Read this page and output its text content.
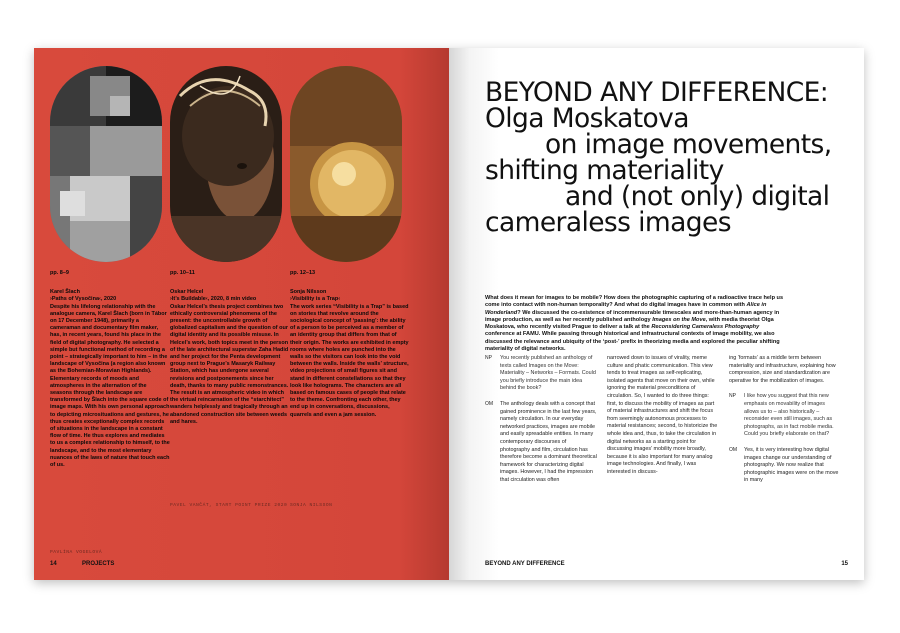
pp. 8–9
Karel Šlach
›Paths of Vysočina‹, 2020
Despite his lifelong relationship with the analogue camera, Karel Šlach (born in Tábor on 17 December 1948), primarily a cameraman and documentary film maker, has, in recent years, found his place in the field of digital photography. He selected a simple but functional method of recording a point – strategically important to him – in the landscape of Vysočina (a region also known as the Bohemian-Moravian Highlands). Elementary records of moods and atmospheres in the alternation of the seasons through the landscape are transformed by Šlach into the square code of image maps. With his own personal approach to depicting microsituations and gestures, he thus creates exceptionally complex records of situations in the landscape in a constant flow of time. He thus explores and mediates to us a complex relationship to himself, to the landscape, and to the most elementary nuances of the laws of nature that touch each of us.
PAVLÍNA VOGELOVÁ
pp. 10–11
Oskar Helcel
›It’s Buildable‹, 2020, 8 min video
Oskar Helcel’s thesis project combines two ethically controversial phenomena of the present: the uncontrollable growth of globalized capitalism and the question of our digital identity and its possible misuse. In Helcel’s work, both topics meet in the person of the late architectural superstar Zaha Hadid and her project for the Penta development group next to Prague’s Masaryk Railway Station, which has undergone several revisions and postponements since her death, thanks to many public remonstrances. The result is an atmospheric video in which the virtual reincarnation of the “starchitect” wanders helplessly and tragically through an abandoned construction site between weeds and hares.
PAVEL VANČÁT, START POINT PRIZE 2020
pp. 12–13
Sonja Nilsson
›Visibility is a Trap‹
The work series “Visibility is a Trap” is based on stories that revolve around the sociological concept of ‘passing’: the ability of a person to be perceived as a member of an identity group that differs from that of their origin. The works are exhibited in empty rooms where holes are punched into the walls so the visitors can look into the void between the walls. Inside the walls’ structure, video projections of small figures sit and stand in different constellations so that they look like holograms. The characters are all based on famous cases of people that relate to the theme. Confronting each other, they end up in conversations, discussions, quarrels and even a jam session.
SONJA NILSSON
14	PROJECTS
BEYOND ANY DIFFERENCE:
Olga Moskatova
on image movements,
shifting materiality
and (not only) digital
cameraless images

What does it mean for images to be mobile? How does the photographic capturing of a radioactive trace help us come into contact with non-human temporality? And what do digital images have in common with Alice in Wonderland? We discussed the co-existence of incommensurable timescales and more-than-human agency in image production, as well as her recently published anthology Images on the Move, with media theorist Olga Moskatova, who recently visited Prague to deliver a talk at the Reconsidering Cameraless Photography conference at FAMU. While passing through historical and infrastructural contexts of image mobility, we also discussed the relevance and ubiquity of the ‘post-’ prefix in theorizing media and explored the peculiar shifting materiality of digital networks.

NP	You recently published an anthology of texts called Images on the Move: Materiality – Networks – Formats. Could you briefly introduce the main idea behind the book?
OM	The anthology deals with a concept that gained prominence in the last few years, namely circulation. In our everyday networked practices, images are mobile and easily spreadable entities. In many contemporary discourses of photography and film, circulation has therefore become a dominant theoretical framework for characterizing digital images. However, I had the impression that circulation was often
narrowed down to issues of virality, meme culture and phatic communication. This view tends to treat images as self-replicating, isolated agents that move on their own, while ignoring the material preconditions of circulation. So, I wanted to do three things: first, to discuss the mobility of images as part of material infrastructures and shift the focus from seemingly autonomous processes to material resistances; second, to historicize the whole idea and, thus, to take the circulation in digital networks as a starting point for discussing images’ mobility more broadly, because it is also important for many analog image technologies. And finally, I was interested in discuss-
ing ‘formats’ as a middle term between materiality and infrastructure, explaining how compression, size and standardization are operative for the mobilization of images.
NP	I like how you suggest that this new emphasis on movability of images allows us to – also historically – reconsider even still images, such as photographs, as in fact mobile media. Could you briefly elaborate on that?
OM	Yes, it is very interesting how digital images change our understanding of photography. We now realize that photographic images were on the move in many
BEYOND ANY DIFFERENCE	15
